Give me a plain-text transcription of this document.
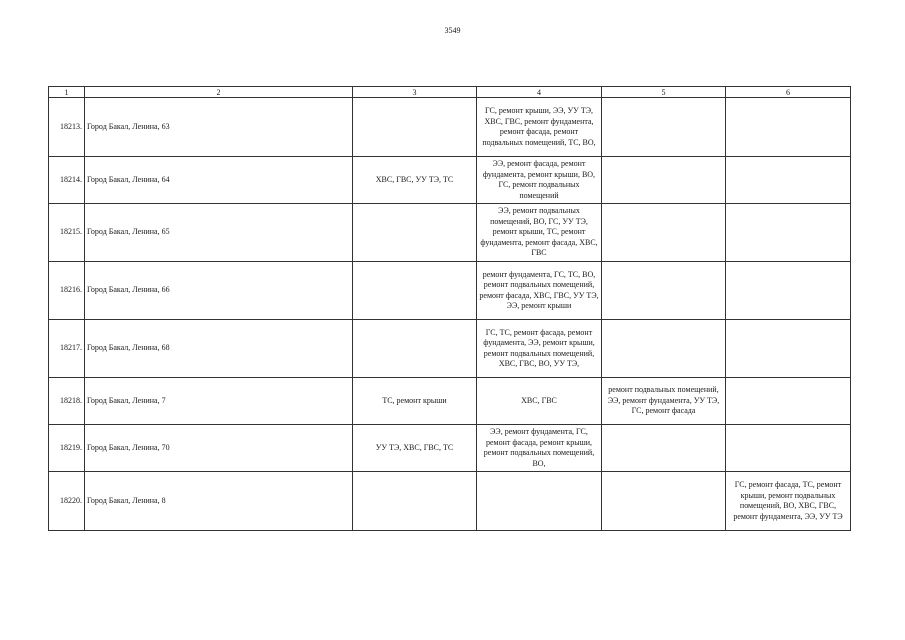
3549
1	2	3	4	5	6
18213.	Город Бакал, Ленина, 63		ГС, ремонт крыши, ЭЭ, УУ ТЭ, ХВС, ГВС, ремонт фундамента, ремонт фасада, ремонт подвальных помещений, ТС, ВО,		
18214.	Город Бакал, Ленина, 64	ХВС, ГВС, УУ ТЭ, ТС	ЭЭ, ремонт фасада, ремонт фундамента, ремонт крыши, ВО, ГС, ремонт подвальных помещений		
18215.	Город Бакал, Ленина, 65		ЭЭ, ремонт подвальных помещений, ВО, ГС, УУ ТЭ, ремонт крыши, ТС, ремонт фундамента, ремонт фасада, ХВС, ГВС		
18216.	Город Бакал, Ленина, 66		ремонт фундамента, ГС, ТС, ВО, ремонт подвальных помещений, ремонт фасада, ХВС, ГВС, УУ ТЭ, ЭЭ, ремонт крыши		
18217.	Город Бакал, Ленина, 68		ГС, ТС, ремонт фасада, ремонт фундамента, ЭЭ, ремонт крыши, ремонт подвальных помещений, ХВС, ГВС, ВО, УУ ТЭ,		
18218.	Город Бакал, Ленина, 7	ТС, ремонт крыши	ХВС, ГВС	ремонт подвальных помещений, ЭЭ, ремонт фундамента, УУ ТЭ, ГС, ремонт фасада	
18219.	Город Бакал, Ленина, 70	УУ ТЭ, ХВС, ГВС, ТС	ЭЭ, ремонт фундамента, ГС, ремонт фасада, ремонт крыши, ремонт подвальных помещений, ВО,		
18220.	Город Бакал, Ленина, 8				ГС, ремонт фасада, ТС, ремонт крыши, ремонт подвальных помещений, ВО, ХВС, ГВС, ремонт фундамента, ЭЭ, УУ ТЭ
